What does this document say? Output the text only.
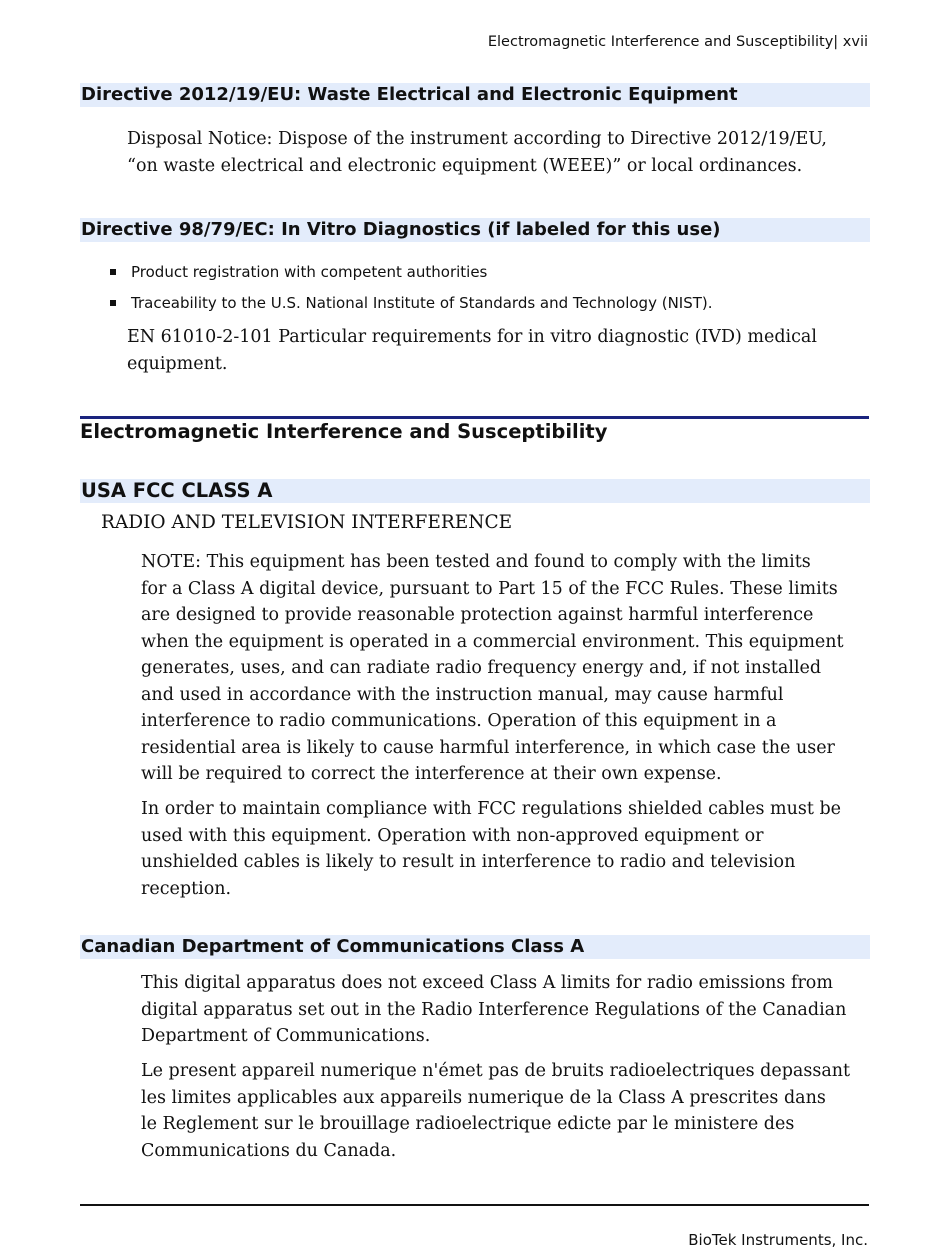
Electromagnetic Interference and Susceptibility| xvii
Directive 2012/19/EU: Waste Electrical and Electronic Equipment
Disposal Notice: Dispose of the instrument according to Directive 2012/19/EU,
“on waste electrical and electronic equipment (WEEE)” or local ordinances.
Directive 98/79/EC: In Vitro Diagnostics (if labeled for this use)
Product registration with competent authorities
Traceability to the U.S. National Institute of Standards and Technology (NIST).
EN 61010-2-101 Particular requirements for in vitro diagnostic (IVD) medical
equipment.
Electromagnetic Interference and Susceptibility
USA FCC CLASS A
RADIO AND TELEVISION INTERFERENCE
NOTE: This equipment has been tested and found to comply with the limits
for a Class A digital device, pursuant to Part 15 of the FCC Rules. These limits
are designed to provide reasonable protection against harmful interference
when the equipment is operated in a commercial environment. This equipment
generates, uses, and can radiate radio frequency energy and, if not installed
and used in accordance with the instruction manual, may cause harmful
interference to radio communications. Operation of this equipment in a
residential area is likely to cause harmful interference, in which case the user
will be required to correct the interference at their own expense.
In order to maintain compliance with FCC regulations shielded cables must be
used with this equipment. Operation with non-approved equipment or
unshielded cables is likely to result in interference to radio and television
reception.
Canadian Department of Communications Class A
This digital apparatus does not exceed Class A limits for radio emissions from
digital apparatus set out in the Radio Interference Regulations of the Canadian
Department of Communications.
Le present appareil numerique n'émet pas de bruits radioelectriques depassant
les limites applicables aux appareils numerique de la Class A prescrites dans
le Reglement sur le brouillage radioelectrique edicte par le ministere des
Communications du Canada.
BioTek Instruments, Inc.
